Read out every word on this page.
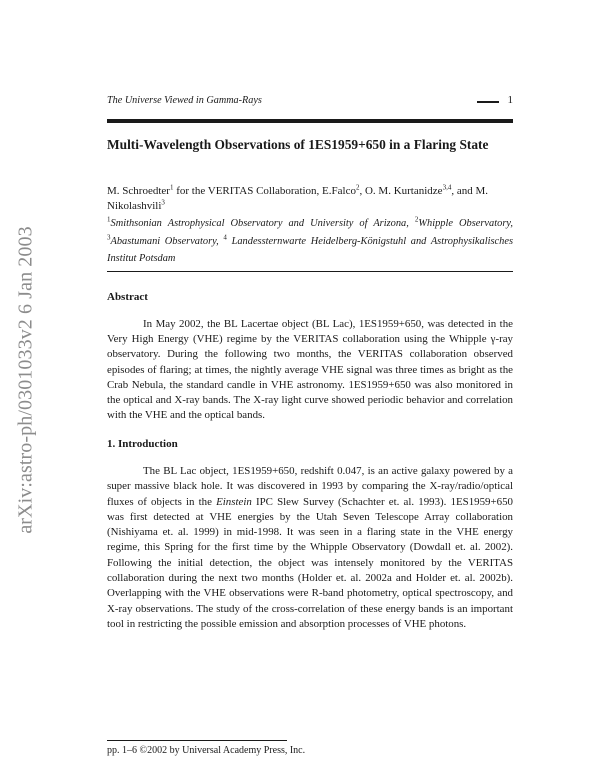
arXiv:astro-ph/0301033v2 6 Jan 2003
The Universe Viewed in Gamma-Rays	1
Multi-Wavelength Observations of 1ES1959+650 in a Flaring State
M. Schroedter$^1$ for the VERITAS Collaboration, E.Falco$^2$, O. M. Kurtanidze$^{3,4}$, and M. Nikolashvili$^3$
$^1$Smithsonian Astrophysical Observatory and University of Arizona, $^2$Whipple Observatory, $^3$Abastumani Observatory, $^4$ Landessternwarte Heidelberg-Königstuhl and Astrophysikalisches Institut Potsdam
Abstract

In May 2002, the BL Lacertae object (BL Lac), 1ES1959+650, was detected in the Very High Energy (VHE) regime by the VERITAS collaboration using the Whipple γ-ray observatory. During the following two months, the VERITAS collaboration observed episodes of flaring; at times, the nightly average VHE signal was three times as bright as the Crab Nebula, the standard candle in VHE astronomy. 1ES1959+650 was also monitored in the optical and X-ray bands. The X-ray light curve showed periodic behavior and correlation with the VHE and the optical bands.

1. Introduction

The BL Lac object, 1ES1959+650, redshift 0.047, is an active galaxy powered by a super massive black hole. It was discovered in 1993 by comparing the X-ray/radio/optical fluxes of objects in the Einstein IPC Slew Survey (Schachter et. al. 1993). 1ES1959+650 was first detected at VHE energies by the Utah Seven Telescope Array collaboration (Nishiyama et. al. 1999) in mid-1998. It was seen in a flaring state in the VHE energy regime, this Spring for the first time by the Whipple Observatory (Dowdall et. al. 2002). Following the initial detection, the object was intensely monitored by the VERITAS collaboration during the next two months (Holder et. al. 2002a and Holder et. al. 2002b). Overlapping with the VHE observations were R-band photometry, optical spectroscopy, and X-ray observations. The study of the cross-correlation of these energy bands is an important tool in restricting the possible emission and absorption processes of VHE photons.

pp. 1–6 ©2002 by Universal Academy Press, Inc.
